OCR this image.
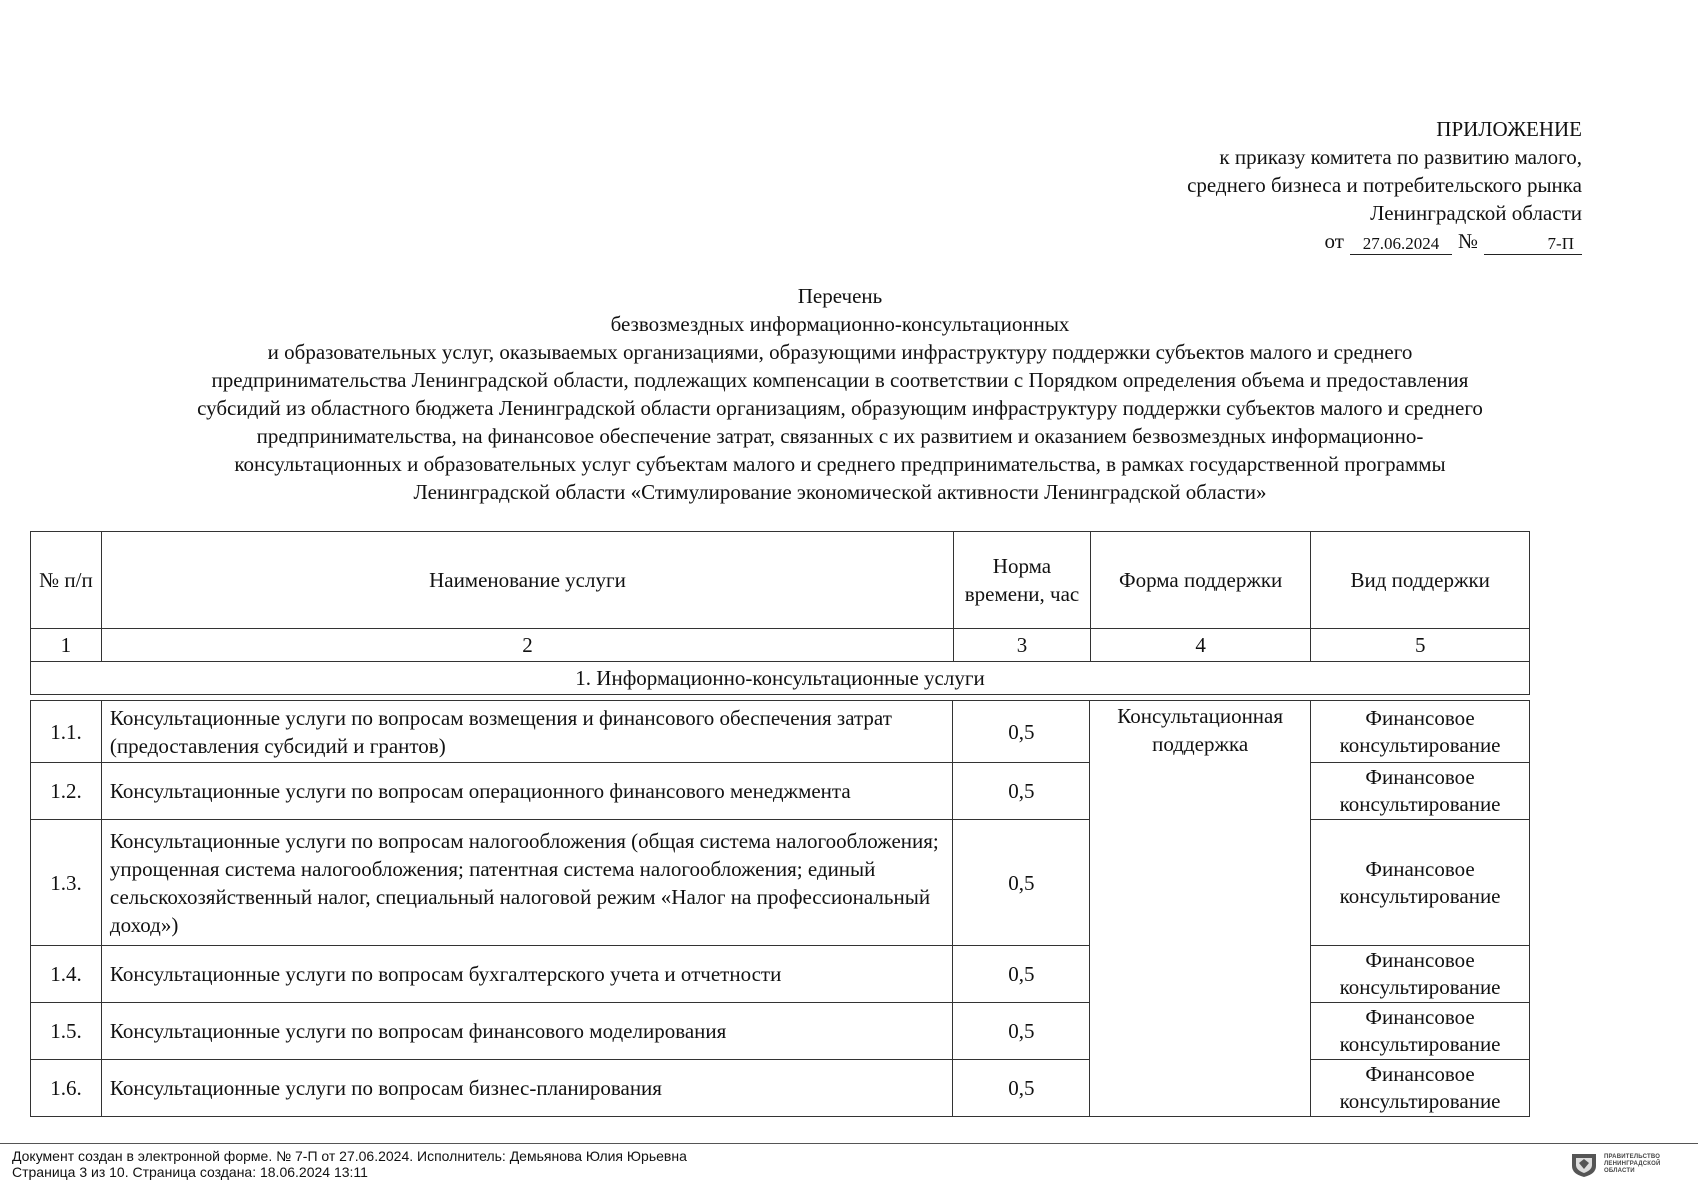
ПРИЛОЖЕНИЕ
к приказу комитета по развитию малого,
среднего бизнеса и потребительского рынка
Ленинградской области
от	27.06.2024 №	7-П
Перечень
безвозмездных информационно-консультационных
и образовательных услуг, оказываемых организациями, образующими инфраструктуру поддержки субъектов малого и среднего
предпринимательства Ленинградской области, подлежащих компенсации в соответствии с Порядком определения объема и предоставления
субсидий из областного бюджета Ленинградской области организациям, образующим инфраструктуру поддержки субъектов малого и среднего
предпринимательства, на финансовое обеспечение затрат, связанных с их развитием и оказанием безвозмездных информационно-
консультационных и образовательных услуг субъектам малого и среднего предпринимательства, в рамках государственной программы
Ленинградской области «Стимулирование экономической активности Ленинградской области»
№ п/п	Наименование услуги	Норма времени, час	Форма поддержки	Вид поддержки
1	2	3	4	5
1. Информационно-консультационные услуги				
1.1.	Консультационные услуги по вопросам возмещения и финансового обеспечения затрат (предоставления субсидий и грантов)	0,5	Консультационная поддержка	Финансовое консультирование
1.2.	Консультационные услуги по вопросам операционного финансового менеджмента	0,5		Финансовое консультирование
1.3.	Консультационные услуги по вопросам налогообложения (общая система налогообложения; упрощенная система налогообложения; патентная система налогообложения; единый сельскохозяйственный налог, специальный налоговой режим «Налог на профессиональный доход»)	0,5		Финансовое консультирование
1.4.	Консультационные услуги по вопросам бухгалтерского учета и отчетности	0,5		Финансовое консультирование
1.5.	Консультационные услуги по вопросам финансового моделирования	0,5		Финансовое консультирование
1.6.	Консультационные услуги по вопросам бизнес-планирования	0,5		Финансовое консультирование
Документ создан в электронной форме. № 7-П от 27.06.2024. Исполнитель: Демьянова Юлия Юрьевна
Страница 3 из 10. Страница создана: 18.06.2024 13:11
ПРАВИТЕЛЬСТВО ЛЕНИНГРАДСКОЙ ОБЛАСТИ
